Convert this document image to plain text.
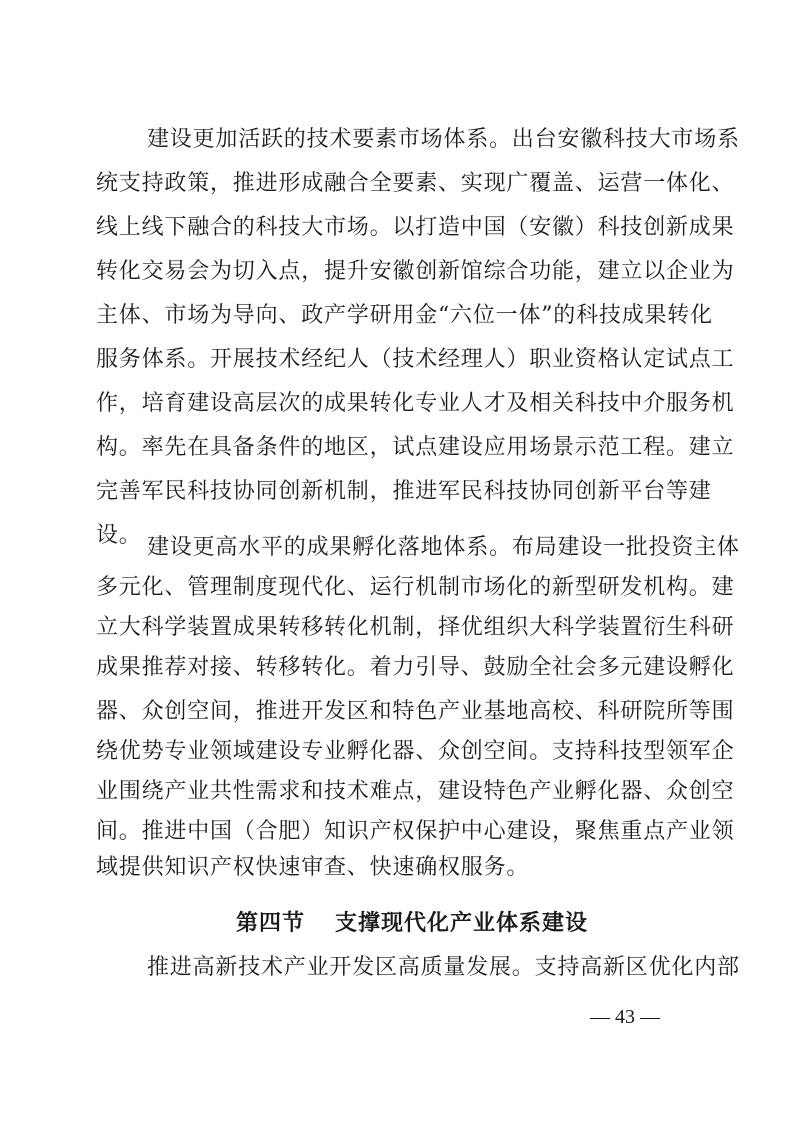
建设更加活跃的技术要素市场体系。出台安徽科技大市场系
统支持政策，推进形成融合全要素、实现广覆盖、运营一体化、
线上线下融合的科技大市场。以打造中国（安徽）科技创新成果
转化交易会为切入点，提升安徽创新馆综合功能，建立以企业为
主体、市场为导向、政产学研用金“六位一体”的科技成果转化
服务体系。开展技术经纪人（技术经理人）职业资格认定试点工
作，培育建设高层次的成果转化专业人才及相关科技中介服务机
构。率先在具备条件的地区，试点建设应用场景示范工程。建立
完善军民科技协同创新机制，推进军民科技协同创新平台等建
设。 建设更高水平的成果孵化落地体系。布局建设一批投资主体
多元化、管理制度现代化、运行机制市场化的新型研发机构。建
立大科学装置成果转移转化机制，择优组织大科学装置衍生科研
成果推荐对接、转移转化。着力引导、鼓励全社会多元建设孵化
器、众创空间，推进开发区和特色产业基地高校、科研院所等围
绕优势专业领域建设专业孵化器、众创空间。支持科技型领军企
业围绕产业共性需求和技术难点，建设特色产业孵化器、众创空
间。推进中国（合肥）知识产权保护中心建设，聚焦重点产业领
域提供知识产权快速审查、快速确权服务。
第四节 支撑现代化产业体系建设
推进高新技术产业开发区高质量发展。支持高新区优化内部
— 43 —
